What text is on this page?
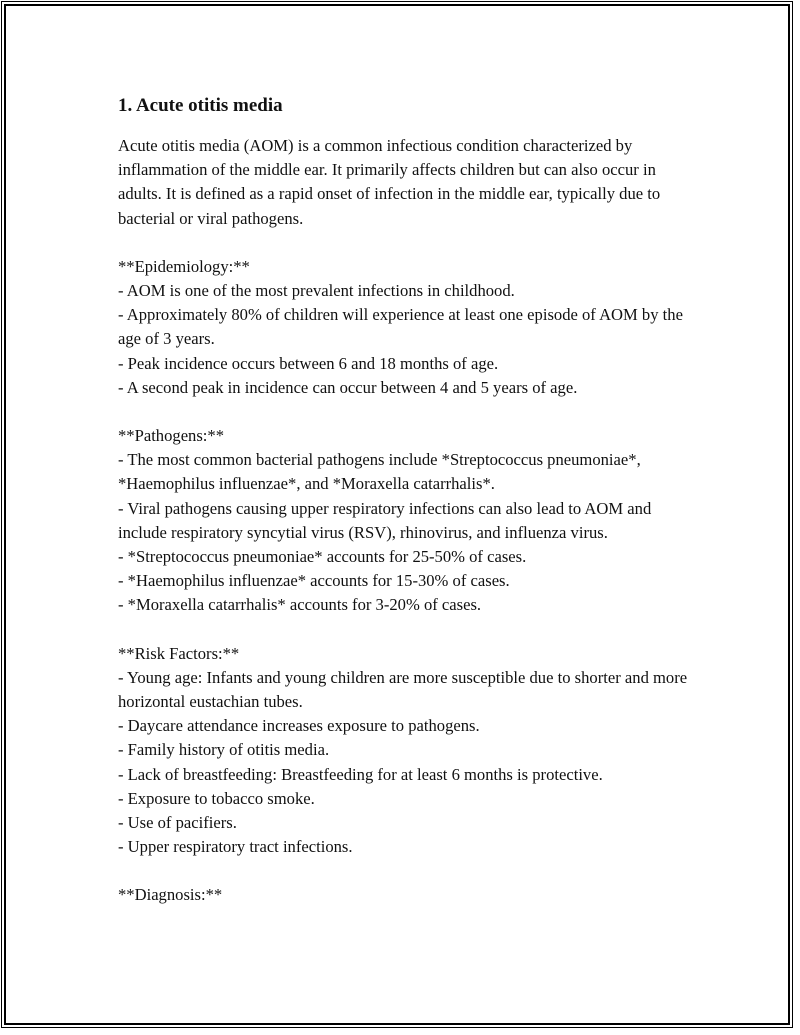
1. Acute otitis media

Acute otitis media (AOM) is a common infectious condition characterized by inflammation of the middle ear. It primarily affects children but can also occur in adults. It is defined as a rapid onset of infection in the middle ear, typically due to bacterial or viral pathogens.

**Epidemiology:**
- AOM is one of the most prevalent infections in childhood.
- Approximately 80% of children will experience at least one episode of AOM by the age of 3 years.
- Peak incidence occurs between 6 and 18 months of age.
- A second peak in incidence can occur between 4 and 5 years of age.
**Pathogens:**
- The most common bacterial pathogens include *Streptococcus pneumoniae*, *Haemophilus influenzae*, and *Moraxella catarrhalis*.
- Viral pathogens causing upper respiratory infections can also lead to AOM and include respiratory syncytial virus (RSV), rhinovirus, and influenza virus.
- *Streptococcus pneumoniae* accounts for 25-50% of cases.
- *Haemophilus influenzae* accounts for 15-30% of cases.
- *Moraxella catarrhalis* accounts for 3-20% of cases.
**Risk Factors:**
- Young age: Infants and young children are more susceptible due to shorter and more horizontal eustachian tubes.
- Daycare attendance increases exposure to pathogens.
- Family history of otitis media.
- Lack of breastfeeding: Breastfeeding for at least 6 months is protective.
- Exposure to tobacco smoke.
- Use of pacifiers.
- Upper respiratory tract infections.
**Diagnosis:**
